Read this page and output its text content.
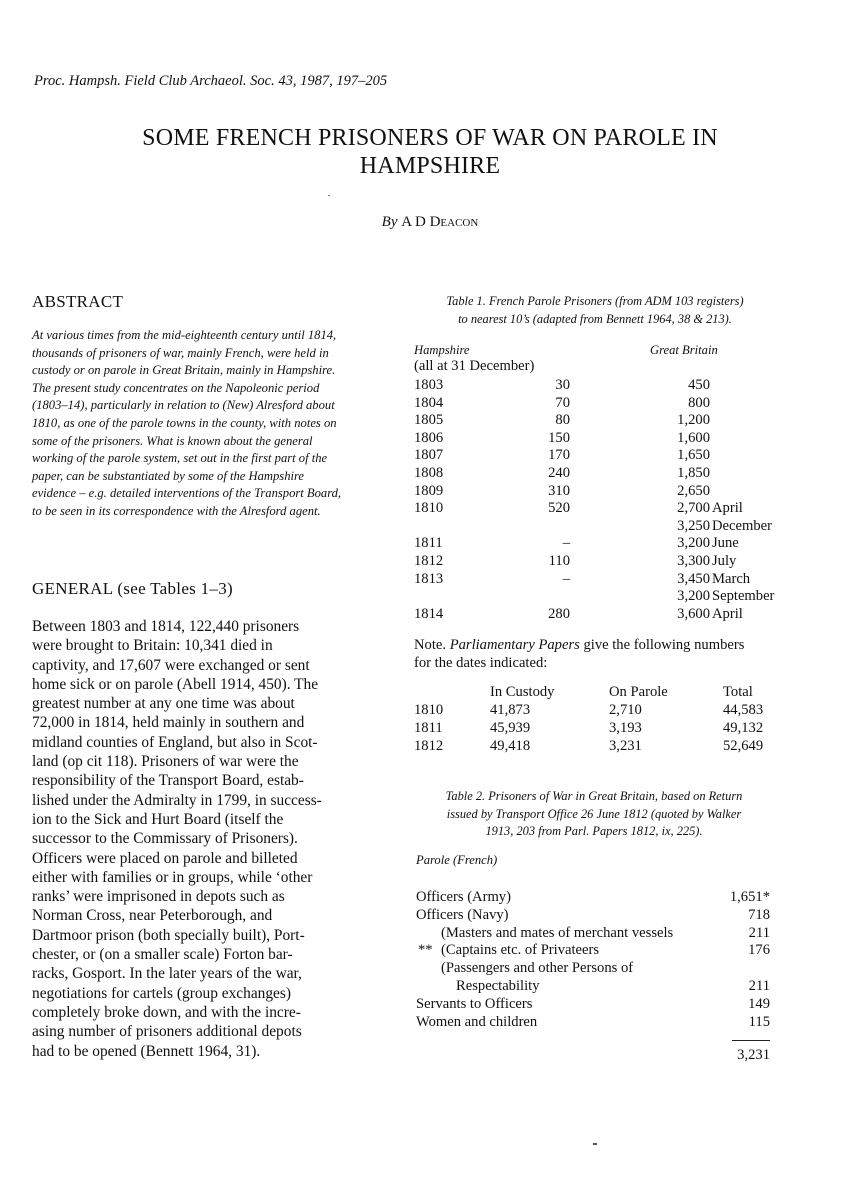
Proc. Hampsh. Field Club Archaeol. Soc. 43, 1987, 197–205
SOME FRENCH PRISONERS OF WAR ON PAROLE IN
HAMPSHIRE
By A D Deacon
ABSTRACT
At various times from the mid-eighteenth century until 1814,
thousands of prisoners of war, mainly French, were held in
custody or on parole in Great Britain, mainly in Hampshire.
The present study concentrates on the Napoleonic period
(1803–14), particularly in relation to (New) Alresford about
1810, as one of the parole towns in the county, with notes on
some of the prisoners. What is known about the general
working of the parole system, set out in the first part of the
paper, can be substantiated by some of the Hampshire
evidence – e.g. detailed interventions of the Transport Board,
to be seen in its correspondence with the Alresford agent.
GENERAL (see Tables 1–3)
Between 1803 and 1814, 122,440 prisoners
were brought to Britain: 10,341 died in
captivity, and 17,607 were exchanged or sent
home sick or on parole (Abell 1914, 450). The
greatest number at any one time was about
72,000 in 1814, held mainly in southern and
midland counties of England, but also in Scot-
land (op cit 118). Prisoners of war were the
responsibility of the Transport Board, estab-
lished under the Admiralty in 1799, in success-
ion to the Sick and Hurt Board (itself the
successor to the Commissary of Prisoners).
Officers were placed on parole and billeted
either with families or in groups, while ‘other
ranks’ were imprisoned in depots such as
Norman Cross, near Peterborough, and
Dartmoor prison (both specially built), Port-
chester, or (on a smaller scale) Forton bar-
racks, Gosport. In the later years of the war,
negotiations for cartels (group exchanges)
completely broke down, and with the incre-
asing number of prisoners additional depots
had to be opened (Bennett 1964, 31).
Table 1. French Parole Prisoners (from ADM 103 registers)
to nearest 10’s (adapted from Bennett 1964, 38 & 213).
Hampshire	Great Britain
(all at 31 December)
1803	30	450
1804	70	800
1805	80	1,200
1806	150	1,600
1807	170	1,650
1808	240	1,850
1809	310	2,650
1810	520	2,700 April
3,250 December
1811	–	3,200 June
1812	110	3,300 July
1813	–	3,450 March
3,200 September
1814	280	3,600 April
Note. Parliamentary Papers give the following numbers
for the dates indicated:
In Custody	On Parole	Total
1810	41,873	2,710	44,583
1811	45,939	3,193	49,132
1812	49,418	3,231	52,649
Table 2. Prisoners of War in Great Britain, based on Return
issued by Transport Office 26 June 1812 (quoted by Walker
1913, 203 from Parl. Papers 1812, ix, 225).
Parole (French)
Officers (Army)	1,651*
Officers (Navy)	718
(Masters and mates of merchant vessels	211
** (Captains etc. of Privateers	176
(Passengers and other Persons of
Respectability	211
Servants to Officers	149
Women and children	115
3,231
